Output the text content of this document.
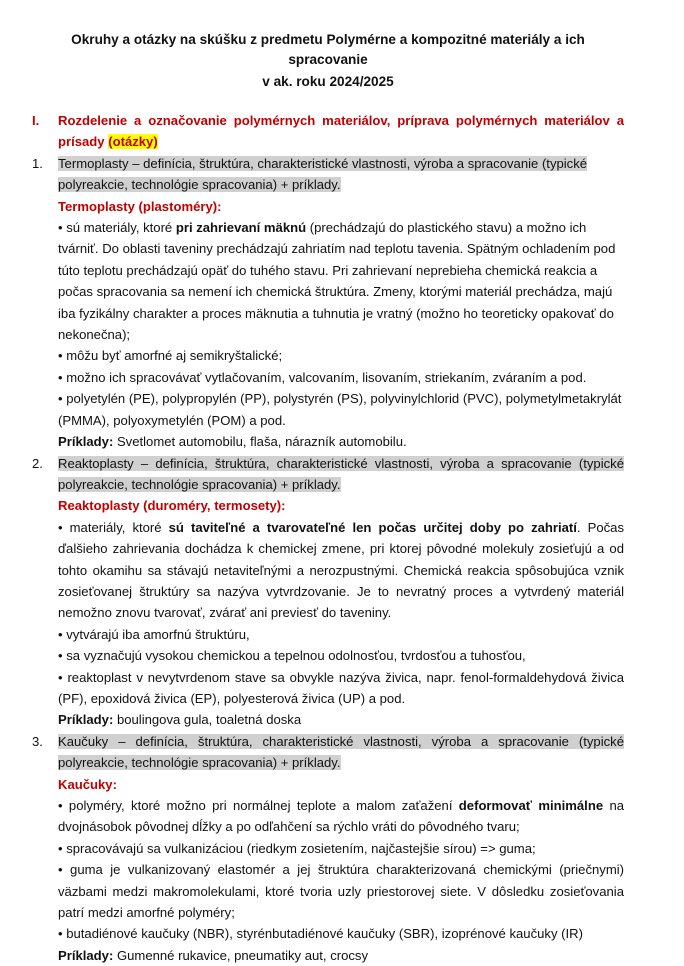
Okruhy a otázky na skúšku z predmetu Polymérne a kompozitné materiály a ich spracovanie
v ak. roku 2024/2025
I.	Rozdelenie a označovanie polymérnych materiálov, príprava polymérnych materiálov a prísady (otázky)
1.	Termoplasty – definícia, štruktúra, charakteristické vlastnosti, výroba a spracovanie (typické polyreakcie, technológie spracovania) + príklady.

Termoplasty (plastoméry):

• sú materiály, ktoré pri zahrievaní mäknú (prechádzajú do plastického stavu) a možno ich tvárniť. Do oblasti taveniny prechádzajú zahriatím nad teplotu tavenia. Spätným ochladením pod túto teplotu prechádzajú opäť do tuhého stavu. Pri zahrievaní neprebieha chemická reakcia a počas spracovania sa nemení ich chemická štruktúra. Zmeny, ktorými materiál prechádza, majú iba fyzikálny charakter a proces mäknutia a tuhnutia je vratný (možno ho teoreticky opakovať do nekonečna);

• môžu byť amorfné aj semikryštalické;

• možno ich spracovávať vytlačovaním, valcovaním, lisovaním, striekaním, zváraním a pod.

• polyetylén (PE), polypropylén (PP), polystyrén (PS), polyvinylchlorid (PVC), polymetylmetakrylát (PMMA), polyoxymetylén (POM) a pod.

Príklady: Svetlomet automobilu, flaša, nárazník automobilu.

2.	Reaktoplasty – definícia, štruktúra, charakteristické vlastnosti, výroba a spracovanie (typické polyreakcie, technológie spracovania) + príklady.

Reaktoplasty (duroméry, termosety):

• materiály, ktoré sú taviteľné a tvarovateľné len počas určitej doby po zahriatí. Počas ďalšieho zahrievania dochádza k chemickej zmene, pri ktorej pôvodné molekuly zosieťujú a od tohto okamihu sa stávajú netaviteľnými a nerozpustnými. Chemická reakcia spôsobujúca vznik zosieťovanej štruktúry sa nazýva vytvrdzovanie. Je to nevratný proces a vytvrdený materiál nemožno znovu tvarovať, zvárať ani previesť do taveniny.

• vytvárajú iba amorfnú štruktúru,

• sa vyznačujú vysokou chemickou a tepelnou odolnosťou, tvrdosťou a tuhosťou,

• reaktoplast v nevytvrdenom stave sa obvykle nazýva živica, napr. fenol-formaldehydová živica (PF), epoxidová živica (EP), polyesterová živica (UP) a pod.

Príklady: boulingova gula, toaletná doska

3.	Kaučuky – definícia, štruktúra, charakteristické vlastnosti, výroba a spracovanie (typické polyreakcie, technológie spracovania) + príklady.

Kaučuky:

• polyméry, ktoré možno pri normálnej teplote a malom zaťažení deformovať minimálne na dvojnásobok pôvodnej dĺžky a po odľahčení sa rýchlo vráti do pôvodného tvaru;

• spracovávajú sa vulkanizáciou (riedkym zosietením, najčastejšie sírou) => guma;

• guma je vulkanizovaný elastomér a jej štruktúra charakterizovaná chemickými (priečnymi) väzbami medzi makromolekulami, ktoré tvoria uzly priestorovej siete. V dôsledku zosieťovania patrí medzi amorfné polyméry;

• butadiénové kaučuky (NBR), styrénbutadiénové kaučuky (SBR), izoprénové kaučuky (IR)

Príklady: Gumenné rukavice, pneumatiky aut, crocsy
